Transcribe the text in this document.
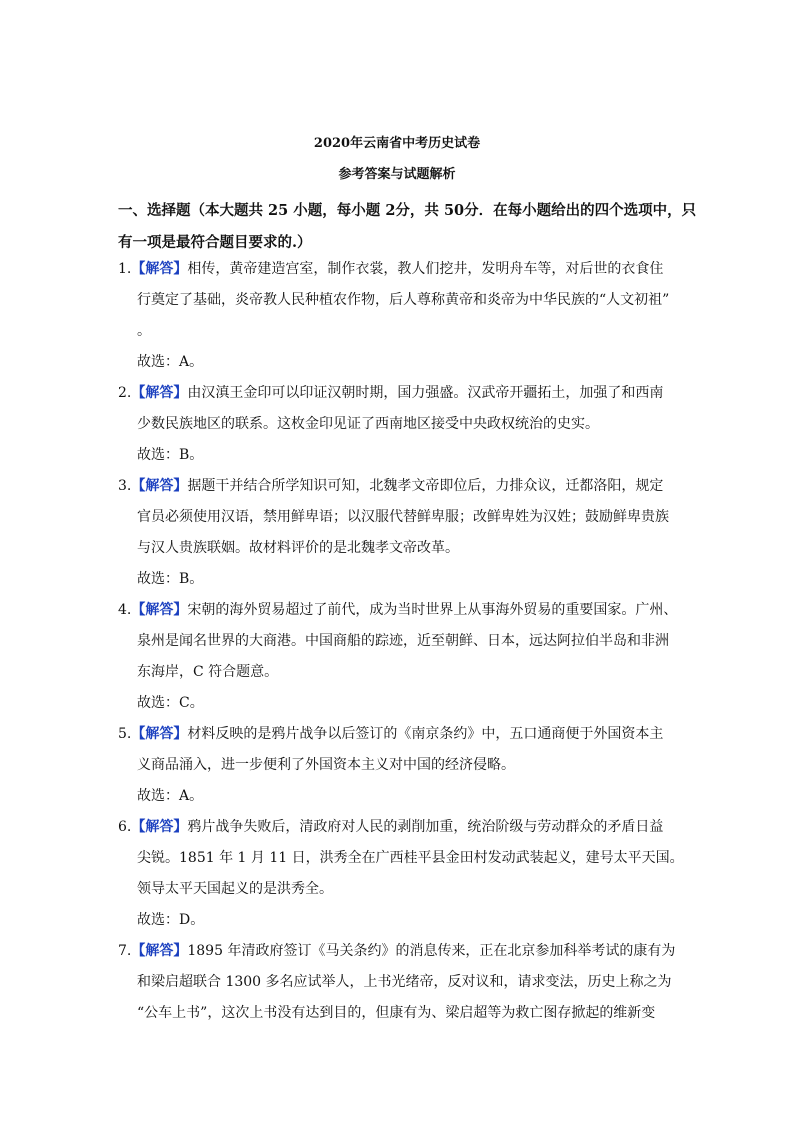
2020年云南省中考历史试卷
参考答案与试题解析
一、选择题（本大题共 25 小题，每小题 2分，共 50分．在每小题给出的四个选项中，只
有一项是最符合题目要求的.）
1.【解答】相传，黄帝建造宫室，制作衣裳，教人们挖井，发明舟车等，对后世的衣食住
行奠定了基础，炎帝教人民种植农作物，后人尊称黄帝和炎帝为中华民族的“人文初祖”
。
故选：A。
2.【解答】由汉滇王金印可以印证汉朝时期，国力强盛。汉武帝开疆拓土，加强了和西南
少数民族地区的联系。这枚金印见证了西南地区接受中央政权统治的史实。
故选：B。
3.【解答】据题干并结合所学知识可知，北魏孝文帝即位后，力排众议，迁都洛阳，规定
官员必须使用汉语，禁用鲜卑语；以汉服代替鲜卑服；改鲜卑姓为汉姓；鼓励鲜卑贵族
与汉人贵族联姻。故材料评价的是北魏孝文帝改革。
故选：B。
4.【解答】宋朝的海外贸易超过了前代，成为当时世界上从事海外贸易的重要国家。广州、
泉州是闻名世界的大商港。中国商船的踪迹，近至朝鲜、日本，远达阿拉伯半岛和非洲
东海岸，C 符合题意。
故选：C。
5.【解答】材料反映的是鸦片战争以后签订的《南京条约》中，五口通商便于外国资本主
义商品涌入，进一步便利了外国资本主义对中国的经济侵略。
故选：A。
6.【解答】鸦片战争失败后，清政府对人民的剥削加重，统治阶级与劳动群众的矛盾日益
尖锐。1851 年 1 月 11 日，洪秀全在广西桂平县金田村发动武装起义，建号太平天国。
领导太平天国起义的是洪秀全。
故选：D。
7.【解答】1895 年清政府签订《马关条约》的消息传来，正在北京参加科举考试的康有为
和梁启超联合 1300 多名应试举人，上书光绪帝，反对议和，请求变法，历史上称之为
“公车上书”，这次上书没有达到目的，但康有为、梁启超等为救亡图存掀起的维新变
